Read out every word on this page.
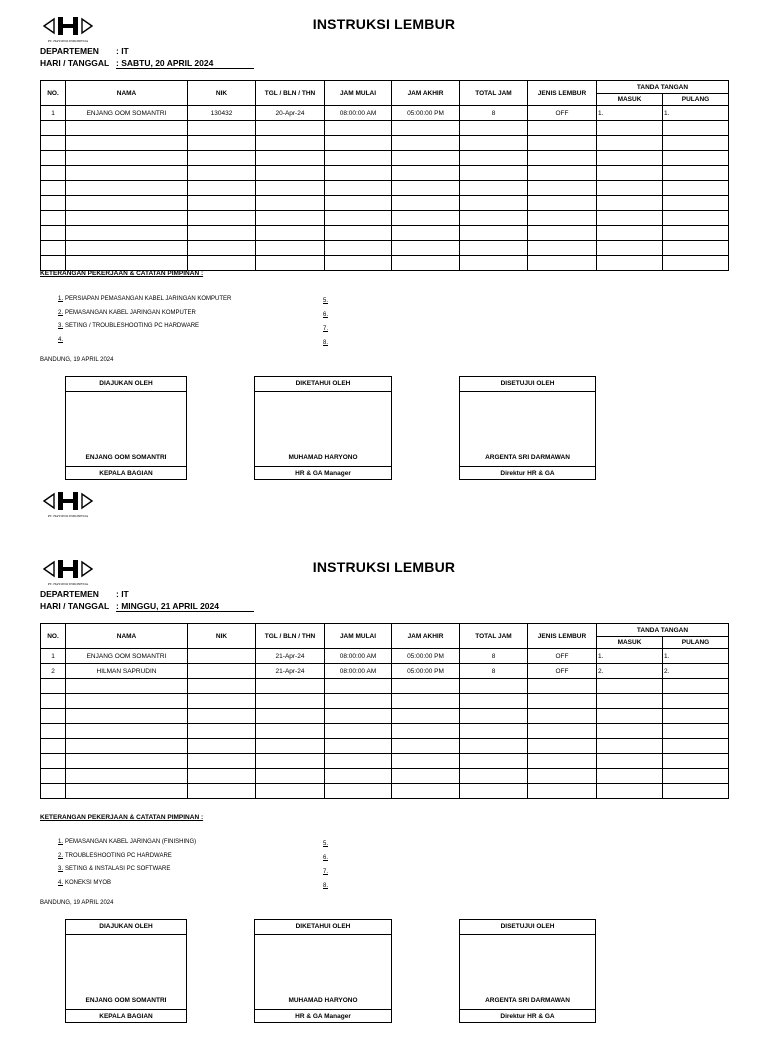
PT. HAYONO INDONESIA
INSTRUKSI LEMBUR
DEPARTEMEN : IT
HARI / TANGGAL : SABTU, 20 APRIL 2024
NO.	NAMA	NIK	TGL / BLN / THN	JAM MULAI	JAM AKHIR	TOTAL JAM	JENIS LEMBUR	TANDA TANGAN	
								MASUK	PULANG
1	ENJANG OOM SOMANTRI	130432	20-Apr-24	08:00:00 AM	05:00:00 PM	8	OFF	1.	1.

KETERANGAN PEKERJAAN & CATATAN PIMPINAN :
1. PERSIAPAN PEMASANGAN KABEL JARINGAN KOMPUTER
2. PEMASANGAN KABEL JARINGAN KOMPUTER
3. SETING / TROUBLESHOOTING PC HARDWARE
4.
5.
6.
7.
8.
BANDUNG, 19 APRIL 2024
DIAJUKAN OLEH
ENJANG OOM SOMANTRI
KEPALA BAGIAN
DIKETAHUI OLEH
MUHAMAD HARYONO
HR & GA Manager
DISETUJUI OLEH
ARGENTA SRI DARMAWAN
Direktur HR & GA
PT. HAYONO INDONESIA
PT. HAYONO INDONESIA
INSTRUKSI LEMBUR
DEPARTEMEN : IT
HARI / TANGGAL : MINGGU, 21 APRIL 2024
NO.	NAMA	NIK	TGL / BLN / THN	JAM MULAI	JAM AKHIR	TOTAL JAM	JENIS LEMBUR	TANDA TANGAN	
								MASUK	PULANG
1	ENJANG OOM SOMANTRI		21-Apr-24	08:00:00 AM	05:00:00 PM	8	OFF	1.	1.
2	HILMAN SAPRUDIN		21-Apr-24	08:00:00 AM	05:00:00 PM	8	OFF	2.	2.

KETERANGAN PEKERJAAN & CATATAN PIMPINAN :
1. PEMASANGAN KABEL JARINGAN (FINISHING)
2. TROUBLESHOOTING PC HARDWARE
3. SETING & INSTALASI PC SOFTWARE
4. KONEKSI MYOB
5.
6.
7.
8.
BANDUNG, 19 APRIL 2024
DIAJUKAN OLEH
ENJANG OOM SOMANTRI
KEPALA BAGIAN
DIKETAHUI OLEH
MUHAMAD HARYONO
HR & GA Manager
DISETUJUI OLEH
ARGENTA SRI DARMAWAN
Direktur HR & GA
